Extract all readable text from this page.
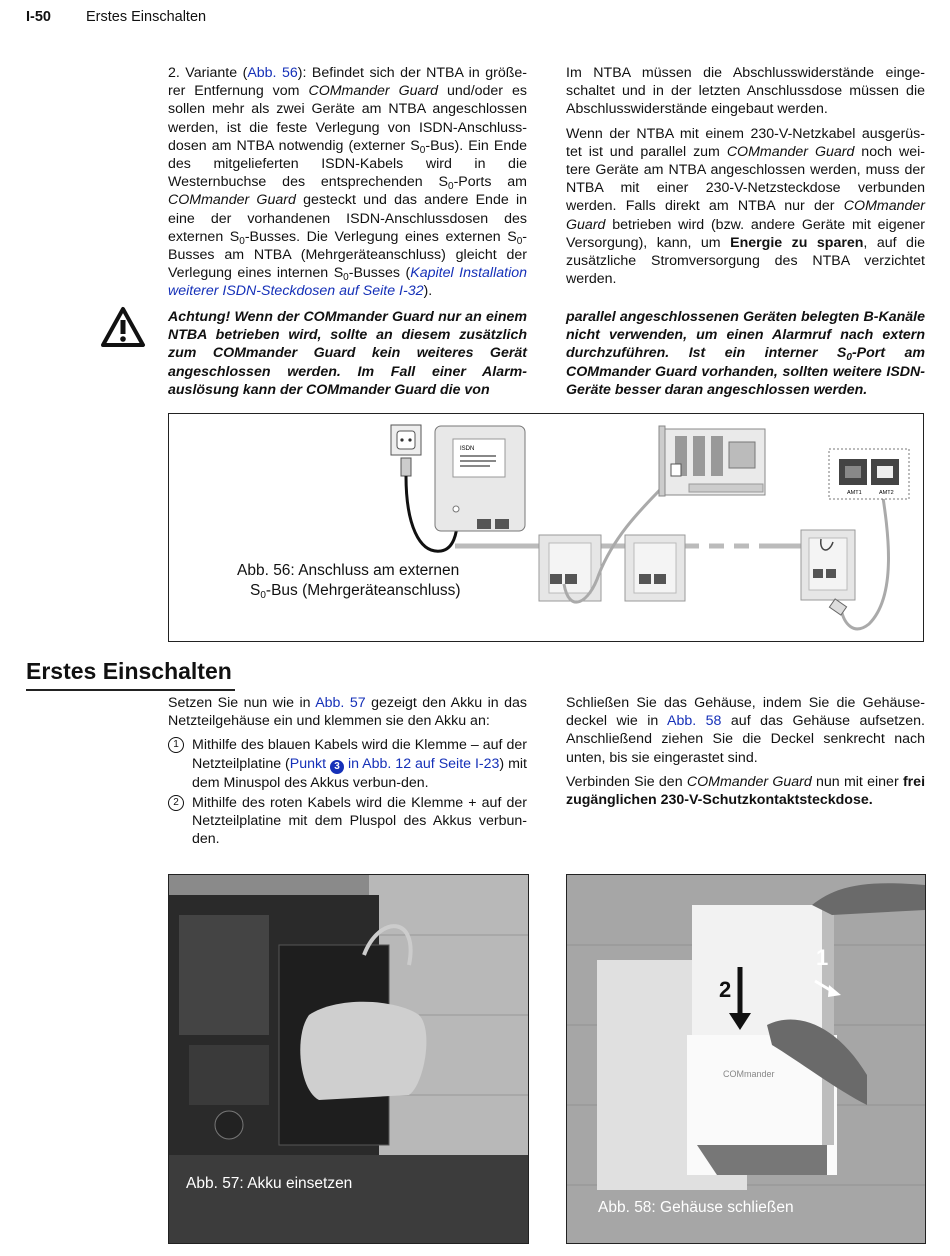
I-50 Erstes Einschalten
2. Variante (Abb. 56): Befindet sich der NTBA in größe-rer Entfernung vom COMmander Guard und/oder es sollen mehr als zwei Geräte am NTBA angeschlossen werden, ist die feste Verlegung von ISDN-Anschluss-dosen am NTBA notwendig (externer $S_0-Bus$). Ein Ende des mitgelieferten ISDN-Kabels wird in die Westernbuchse des entsprechenden $S_0$-Ports am COMmander Guard gesteckt und das andere Ende in eine der vorhandenen ISDN-Anschlussdosen des externen $S_0$-Busses. Die Verlegung eines externen $S_0$-Busses am NTBA (Mehrgeräteanschluss) gleicht der Verlegung eines internen $S_0$-Busses (Kapitel Installation weiterer ISDN-Steckdosen auf Seite I-32).

Im NTBA müssen die Abschlusswiderstände einge-schaltet und in der letzten Anschlussdose müssen die Abschlusswiderstände eingebaut werden.

Wenn der NTBA mit einem 230-V-Netzkabel ausgerüs-tet ist und parallel zum COMmander Guard noch wei-tere Geräte am NTBA angeschlossen werden, muss der NTBA mit einer 230-V-Netzsteckdose verbunden werden. Falls direkt am NTBA nur der COMmander Guard betrieben wird (bzw. andere Geräte mit eigener Versorgung), kann, um Energie zu sparen, auf die zusätzliche Stromversorgung des NTBA verzichtet werden.

Achtung! Wenn der COMmander Guard nur an einem NTBA betrieben wird, sollte an diesem zusätzlich zum COMmander Guard kein weiteres Gerät angeschlossen werden. Im Fall einer Alarm-auslösung kann der COMmander Guard die von
parallel angeschlossenen Geräten belegten B-Kanäle nicht verwenden, um einen Alarmruf nach extern durchzuführen. Ist ein interner $S_0$-Port am COMmander Guard vorhanden, sollten weitere ISDN-Geräte besser daran angeschlossen werden.
ISDN
AMT1	AMT2
Abb. 56: Anschluss am externen
$S_0$-Bus (Mehrgeräteanschluss)
Erstes Einschalten

Setzen Sie nun wie in Abb. 57 gezeigt den Akku in das Netzteilgehäuse ein und klemmen sie den Akku an:

1 Mithilfe des blauen Kabels wird die Klemme – auf der Netzteilplatine (Punkt 3 in Abb. 12 auf Seite I-23) mit dem Minuspol des Akkus verbun-den.
2 Mithilfe des roten Kabels wird die Klemme + auf der Netzteilplatine mit dem Pluspol des Akkus verbun-den.

Schließen Sie das Gehäuse, indem Sie die Gehäuse-deckel wie in Abb. 58 auf das Gehäuse aufsetzen. Anschließend ziehen Sie die Deckel senkrecht nach unten, bis sie eingerastet sind.

Verbinden Sie den COMmander Guard nun mit einer frei zugänglichen 230-V-Schutzkontaktsteckdose.

Abb. 57: Akku einsetzen
2
1
COMmander
Abb. 58: Gehäuse schließen
